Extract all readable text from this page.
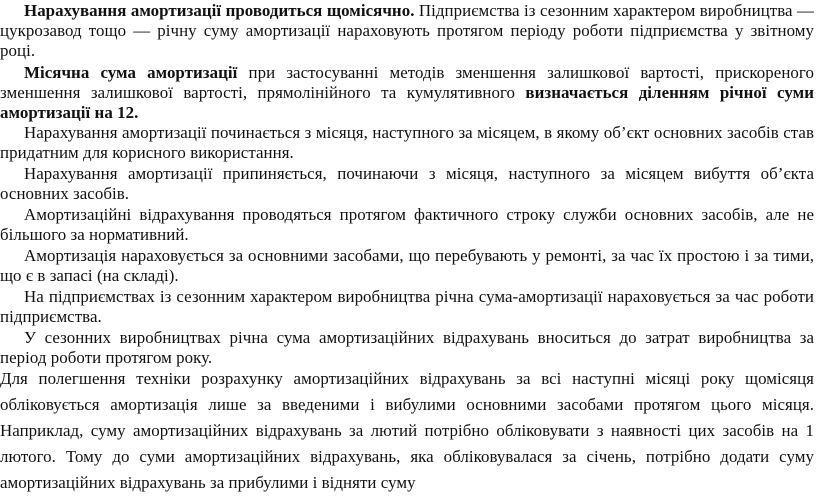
Нарахування амортизації проводиться щомісячно. Підприємства із сезонним характером виробництва — цукрозавод тощо — річну суму амортизації нараховують протягом періоду роботи підприємства у звітному році.

Місячна сума амортизації при застосуванні методів зменшення залишкової вартості, прискореного зменшення залишкової вартості, прямолінійного та кумулятивного визначається діленням річної суми амортизації на 12.

Нарахування амортизації починається з місяця, наступного за місяцем, в якому об’єкт основних засобів став придатним для корисного використання.

Нарахування амортизації припиняється, починаючи з місяця, наступного за місяцем вибуття об’єкта основних засобів.

Амортизаційні відрахування проводяться протягом фактичного строку служби основних засобів, але не більшого за нормативний.

Амортизація нараховується за основними засобами, що перебувають у ремонті, за час їх простою і за тими, що є в запасі (на складі).

На підприємствах із сезонним характером виробництва річна сума-амортизації нараховується за час роботи підприємства.

У сезонних виробництвах річна сума амортизаційних відрахувань вноситься до затрат виробництва за період роботи протягом року.

Для полегшення техніки розрахунку амортизаційних відрахувань за всі наступні місяці року щомісяця обліковується амортизація лише за введеними і вибулими основними засобами протягом цього місяця. Наприклад, суму амортизаційних відрахувань за лютий потрібно обліковувати з наявності цих засобів на 1 лютого. Тому до суми амортизаційних відрахувань, яка обліковувалася за січень, потрібно додати суму амортизаційних відрахувань за прибулими і відняти суму
